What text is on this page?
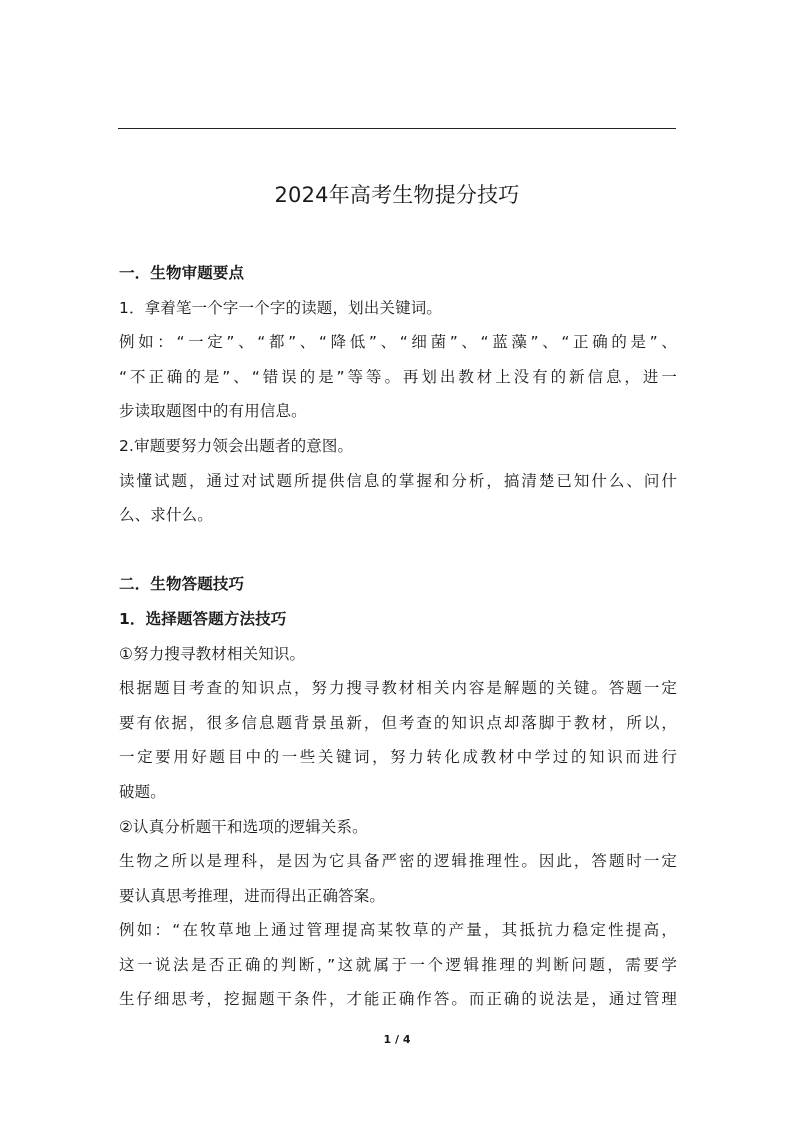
2024年高考生物提分技巧
一．生物审题要点
1．拿着笔一个字一个字的读题，划出关键词。
例如：“一定”、“都”、“降低”、“细菌”、“蓝藻”、“正确的是”、
“不正确的是”、“错误的是”等等。再划出教材上没有的新信息，进一
步读取题图中的有用信息。
2.审题要努力领会出题者的意图。
读懂试题，通过对试题所提供信息的掌握和分析，搞清楚已知什么、问什
么、求什么。
二．生物答题技巧
1．选择题答题方法技巧
①努力搜寻教材相关知识。
根据题目考查的知识点，努力搜寻教材相关内容是解题的关键。答题一定
要有依据，很多信息题背景虽新，但考查的知识点却落脚于教材，所以，
一定要用好题目中的一些关键词，努力转化成教材中学过的知识而进行
破题。
②认真分析题干和选项的逻辑关系。
生物之所以是理科，是因为它具备严密的逻辑推理性。因此，答题时一定
要认真思考推理，进而得出正确答案。
例如：“在牧草地上通过管理提高某牧草的产量，其抵抗力稳定性提高，
这一说法是否正确的判断，”这就属于一个逻辑推理的判断问题，需要学
生仔细思考，挖掘题干条件，才能正确作答。而正确的说法是，通过管理
1 / 4
